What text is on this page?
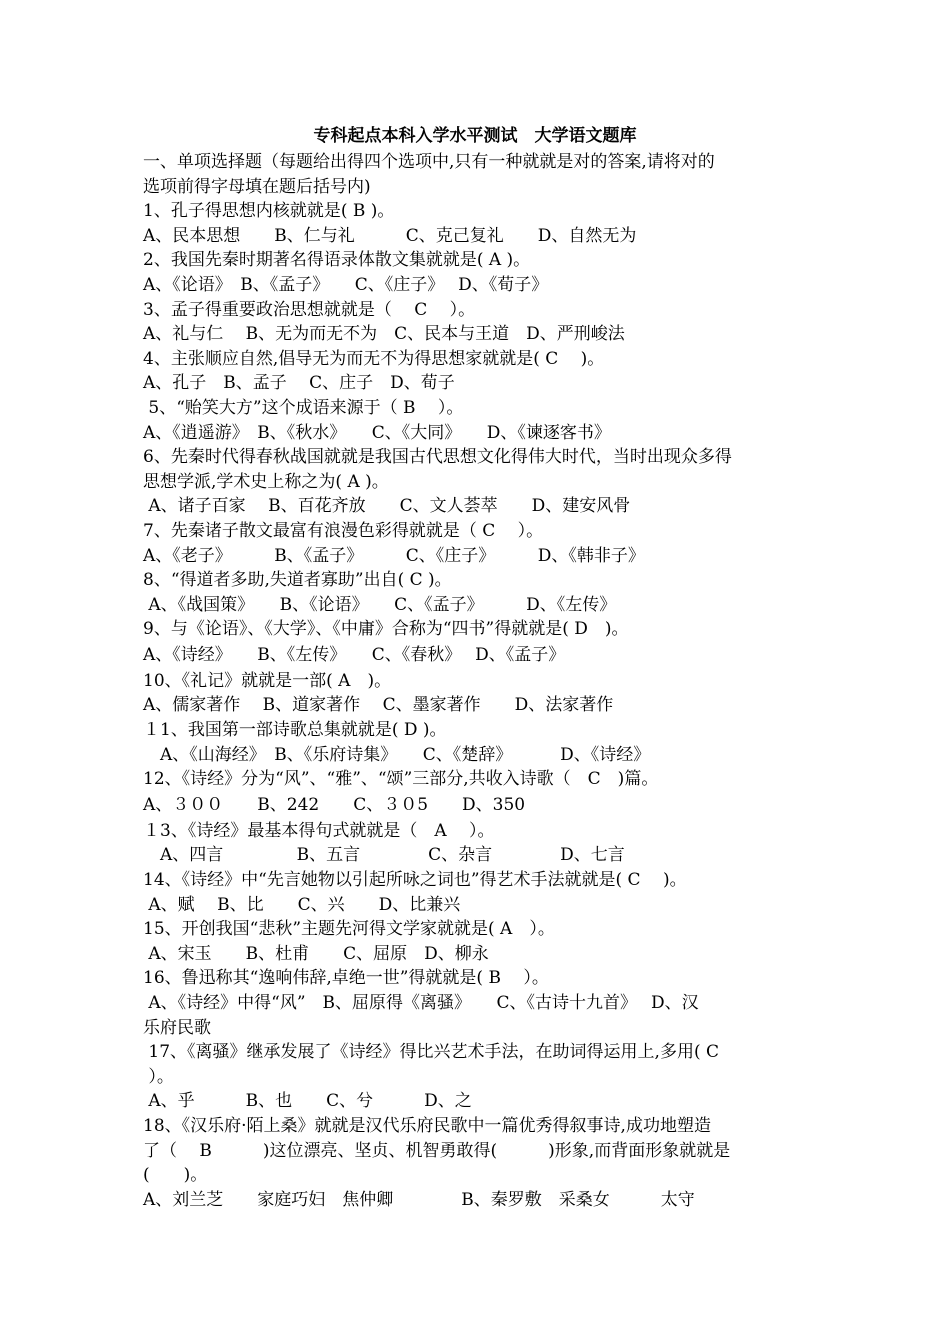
专科起点本科入学水平测试　大学语文题库
一、单项选择题（每题给出得四个选项中,只有一种就就是对的答案,请将对的
选项前得字母填在题后括号内)
1、孔子得思想内核就就是( B )。
A、民本思想　　B、仁与礼　　　C、克己复礼　　D、自然无为
2、我国先秦时期著名得语录体散文集就就是( A )。
A、《论语》　B、《孟子》　　C、《庄子》　 D、《荀子》
3、孟子得重要政治思想就就是（　 C　 ）。
A、礼与仁　 B、无为而无不为　C、民本与王道　D、严刑峻法
4、主张顺应自然,倡导无为而无不为得思想家就就是( C　 )。
A、孔子　B、孟子　 C、庄子　D、荀子
5、“贻笑大方”这个成语来源于（ B　 ）。
A、《逍遥游》　B、《秋水》　　C、《大同》　　D、《谏逐客书》
6、先秦时代得春秋战国就就是我国古代思想文化得伟大时代，当时出现众多得
思想学派,学术史上称之为( A )。
A、诸子百家　 B、百花齐放　　C、文人荟萃　　D、建安风骨
7、先秦诸子散文最富有浪漫色彩得就就是（ C　 ）。
A、《老子》　　　B、《孟子》　　　C、《庄子》　　　D、《韩非子》
8、“得道者多助,失道者寡助”出自( C )。
A、《战国策》　　B、《论语》　　C、《孟子》　　　D、《左传》
9、与《论语》、《大学》、《中庸》合称为“四书”得就就是( D　)。
A、《诗经》　　B、《左传》　　C、《春秋》　 D、《孟子》
10、《礼记》就就是一部( A　)。
A、儒家著作　 B、道家著作　 C、墨家著作　　D、法家著作
１1、我国第一部诗歌总集就就是( D )。
　A、《山海经》　B、《乐府诗集》　　C、《楚辞》　　　 D、《诗经》
12、《诗经》分为“风”、“雅”、“颂”三部分,共收入诗歌（　C　)篇。
A、３００　　B、242　　C、３０5　　D、350
１3、《诗经》最基本得句式就就是（　A　 ）。
　A、四言　　　　 B、五言　　　　C、杂言　　　　D、七言
14、《诗经》中“先言她物以引起所咏之词也”得艺术手法就就是( C　 )。
A、赋　 B、比　　C、兴　　D、比兼兴
15、开创我国“悲秋”主题先河得文学家就就是( A　）。
A、宋玉　　B、杜甫　　C、屈原　D、柳永
16、鲁迅称其“逸响伟辞,卓绝一世”得就就是( B　 ）。
A、《诗经》中得“风”　B、屈原得《离骚》　　C、《古诗十九首》　 D、汉
乐府民歌
17、《离骚》继承发展了《诗经》得比兴艺术手法，在助词得运用上,多用( C
）。
A、乎　　　B、也　　C、兮　　　D、之
18、《汉乐府·陌上桑》就就是汉代乐府民歌中一篇优秀得叙事诗,成功地塑造
了（　 B　　　)这位漂亮、坚贞、机智勇敢得(　　　)形象,而背面形象就就是
(　　)。
A、刘兰芝　　家庭巧妇　焦仲卿　　　　B、秦罗敷　采桑女　　　太守
